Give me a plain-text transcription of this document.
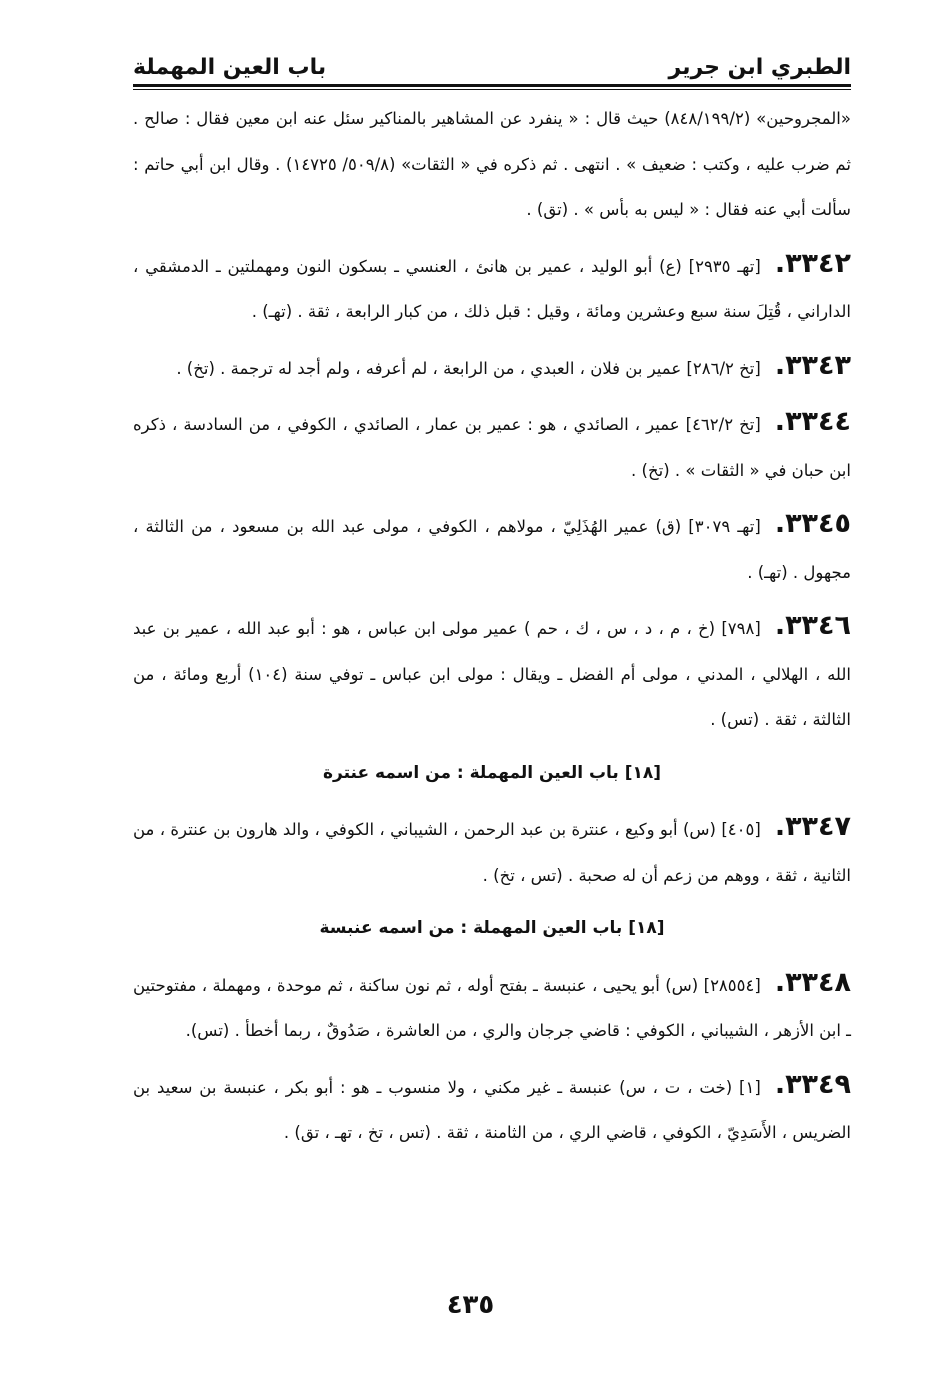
الطبري ابن جرير
باب العين المهملة

«المجروحين» (٨٤٨/١٩٩/٢) حيث قال : « ينفرد عن المشاهير بالمناكير سئل عنه ابن معين فقال : صالح . ثم ضرب عليه ، وكتب : ضعيف » . انتهى . ثم ذكره في « الثقات» (٥٠٩/٨/ ١٤٧٢٥) . وقال ابن أبي حاتم : سألت أبي عنه فقال : « ليس به بأس » . (تق) .

٣٣٤٢.[تهـ ٢٩٣٥] (ع) أبو الوليد ، عمير بن هانئ ، العنسي ـ بسكون النون ومهملتين ـ الدمشقي ، الداراني ، قُتِلَ سنة سبع وعشرين ومائة ، وقيل : قبل ذلك ، من كبار الرابعة ، ثقة . (تهـ) .

٣٣٤٣.[تخ ٢٨٦/٢] عمير بن فلان ، العبدي ، من الرابعة ، لم أعرفه ، ولم أجد له ترجمة . (تخ) .

٣٣٤٤.[تخ ٤٦٢/٢] عمير ، الصائدي ، هو : عمير بن عمار ، الصائدي ، الكوفي ، من السادسة ، ذكره ابن حبان في « الثقات » . (تخ) .

٣٣٤٥.[تهـ ٣٠٧٩] (ق) عمير الهُذَلِيّ ، مولاهم ، الكوفي ، مولى عبد الله بن مسعود ، من الثالثة ، مجهول . (تهـ) .

٣٣٤٦.[٧٩٨] (خ ، م ، د ، س ، ك ، حم ) عمير مولى ابن عباس ، هو : أبو عبد الله ، عمير بن عبد الله ، الهلالي ، المدني ، مولى أم الفضل ـ ويقال : مولى ابن عباس ـ توفي سنة (١٠٤) أربع ومائة ، من الثالثة ، ثقة . (تس) .

[١٨] باب العين المهملة : من اسمه عنترة

٣٣٤٧.[٤٠٥] (س) أبو وكيع ، عنترة بن عبد الرحمن ، الشيباني ، الكوفي ، والد هارون بن عنترة ، من الثانية ، ثقة ، ووهم من زعم أن له صحبة . (تس ، تخ) .

[١٨] باب العين المهملة : من اسمه عنبسة

٣٣٤٨.[٢٨٥٥٤] (س) أبو يحيى ، عنبسة ـ بفتح أوله ، ثم نون ساكنة ، ثم موحدة ، ومهملة ، مفتوحتين ـ ابن الأزهر ، الشيباني ، الكوفي : قاضي جرجان والري ، من العاشرة ، صَدُوقٌ ، ربما أخطأ . (تس).

٣٣٤٩.[١] (خت ، ت ، س) عنبسة ـ غير مكني ، ولا منسوب ـ هو : أبو بكر ، عنبسة بن سعيد بن الضريس ، الأَسَدِيّ ، الكوفي ، قاضي الري ، من الثامنة ، ثقة . (تس ، تخ ، تهـ ، تق) .

٤٣٥
